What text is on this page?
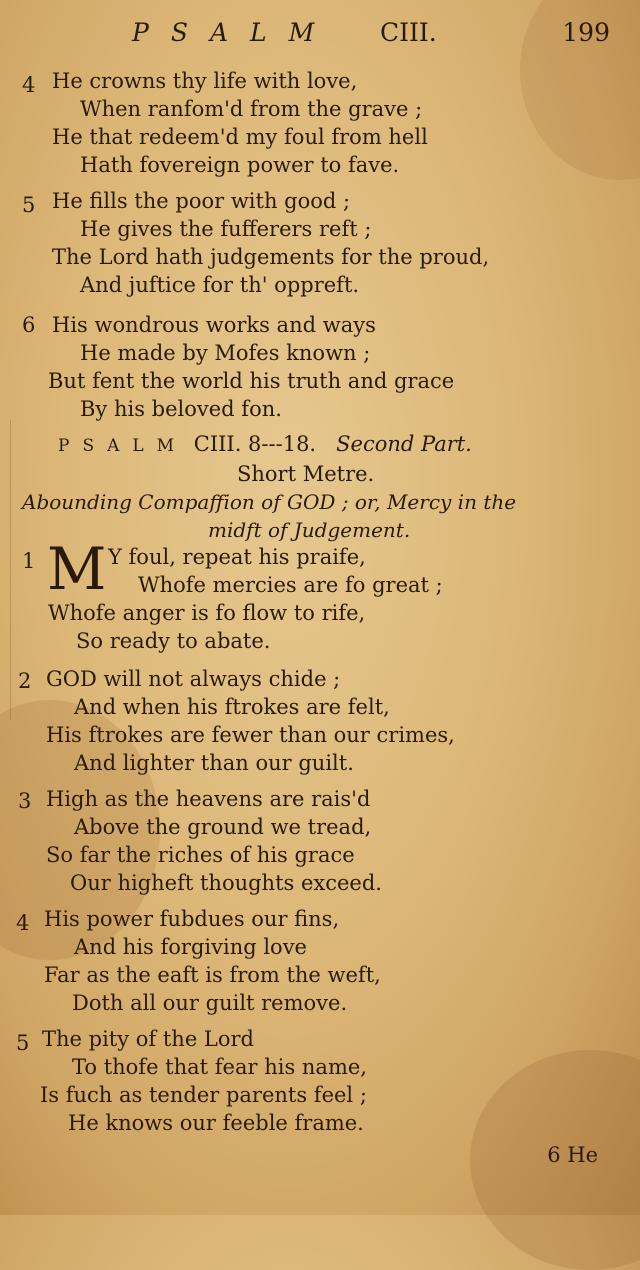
PSALM CIII.	199
4 He crowns thy life with love,
When ranfom'd from the grave ;
He that redeem'd my foul from hell
Hath fovereign power to fave.
5 He fills the poor with good ;
He gives the fufferers reft ;
The Lord hath judgements for the proud,
And juftice for th' oppreft.
6 His wondrous works and ways
He made by Mofes known ;
But fent the world his truth and grace
By his beloved fon.
PSALM CIII. 8---18. Second Part.
Short Metre.
Abounding Compaffion of GOD ; or, Mercy in the
midft of Judgement.
1 M Y foul, repeat his praife,
Whofe mercies are fo great ;
Whofe anger is fo flow to rife,
So ready to abate.
2 GOD will not always chide ;
And when his ftrokes are felt,
His ftrokes are fewer than our crimes,
And lighter than our guilt.
3 High as the heavens are rais'd
Above the ground we tread,
So far the riches of his grace
Our higheft thoughts exceed.
4 His power fubdues our fins,
And his forgiving love
Far as the eaft is from the weft,
Doth all our guilt remove.
5 The pity of the Lord
To thofe that fear his name,
Is fuch as tender parents feel ;
He knows our feeble frame.
6 He
